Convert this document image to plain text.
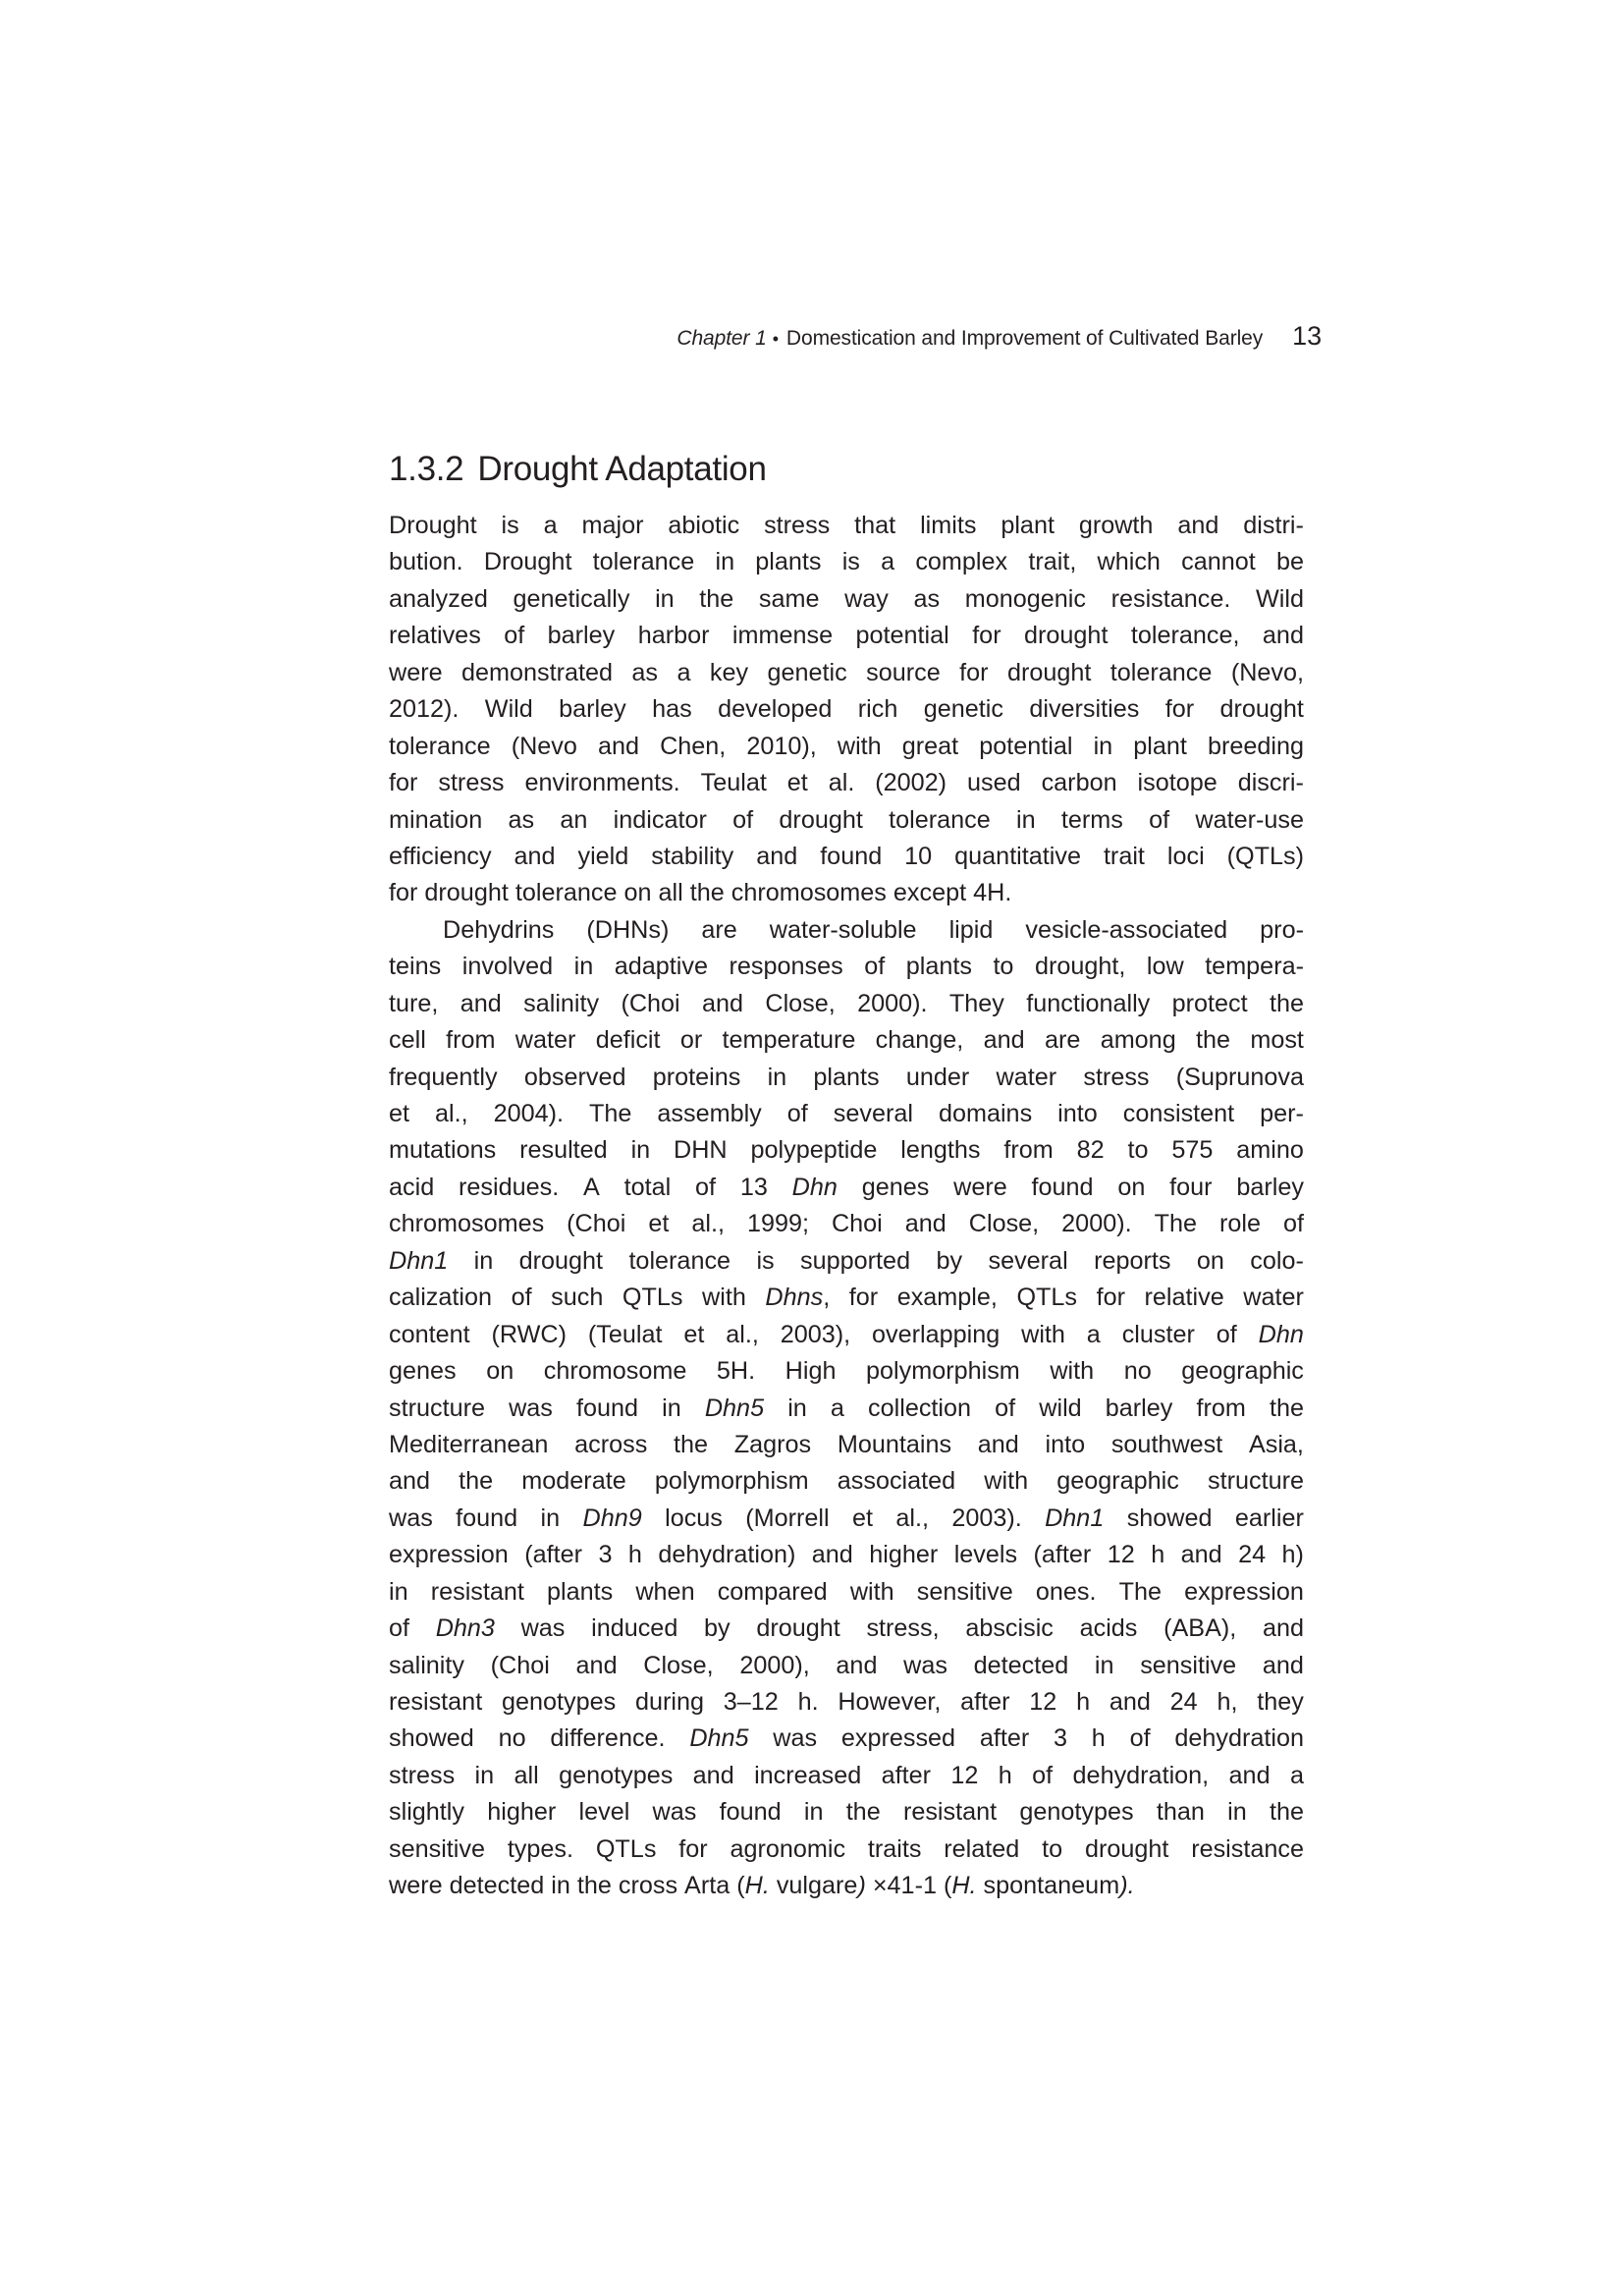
Chapter 1 • Domestication and Improvement of Cultivated Barley 13
1.3.2 Drought Adaptation
Drought is a major abiotic stress that limits plant growth and distri-
bution. Drought tolerance in plants is a complex trait, which cannot be
analyzed genetically in the same way as monogenic resistance. Wild
relatives of barley harbor immense potential for drought tolerance, and
were demonstrated as a key genetic source for drought tolerance (Nevo,
2012). Wild barley has developed rich genetic diversities for drought
tolerance (Nevo and Chen, 2010), with great potential in plant breeding
for stress environments. Teulat et al. (2002) used carbon isotope discri-
mination as an indicator of drought tolerance in terms of water-use
efficiency and yield stability and found 10 quantitative trait loci (QTLs)
for drought tolerance on all the chromosomes except 4H.
Dehydrins (DHNs) are water-soluble lipid vesicle-associated pro-
teins involved in adaptive responses of plants to drought, low tempera-
ture, and salinity (Choi and Close, 2000). They functionally protect the
cell from water deficit or temperature change, and are among the most
frequently observed proteins in plants under water stress (Suprunova
et al., 2004). The assembly of several domains into consistent per-
mutations resulted in DHN polypeptide lengths from 82 to 575 amino
acid residues. A total of 13 Dhn genes were found on four barley
chromosomes (Choi et al., 1999; Choi and Close, 2000). The role of
Dhn1 in drought tolerance is supported by several reports on colo-
calization of such QTLs with Dhns, for example, QTLs for relative water
content (RWC) (Teulat et al., 2003), overlapping with a cluster of Dhn
genes on chromosome 5H. High polymorphism with no geographic
structure was found in Dhn5 in a collection of wild barley from the
Mediterranean across the Zagros Mountains and into southwest Asia,
and the moderate polymorphism associated with geographic structure
was found in Dhn9 locus (Morrell et al., 2003). Dhn1 showed earlier
expression (after 3 h dehydration) and higher levels (after 12 h and 24 h)
in resistant plants when compared with sensitive ones. The expression
of Dhn3 was induced by drought stress, abscisic acids (ABA), and
salinity (Choi and Close, 2000), and was detected in sensitive and
resistant genotypes during 3–12 h. However, after 12 h and 24 h, they
showed no difference. Dhn5 was expressed after 3 h of dehydration
stress in all genotypes and increased after 12 h of dehydration, and a
slightly higher level was found in the resistant genotypes than in the
sensitive types. QTLs for agronomic traits related to drought resistance
were detected in the cross Arta (H. vulgare) ×41-1 (H. spontaneum).
